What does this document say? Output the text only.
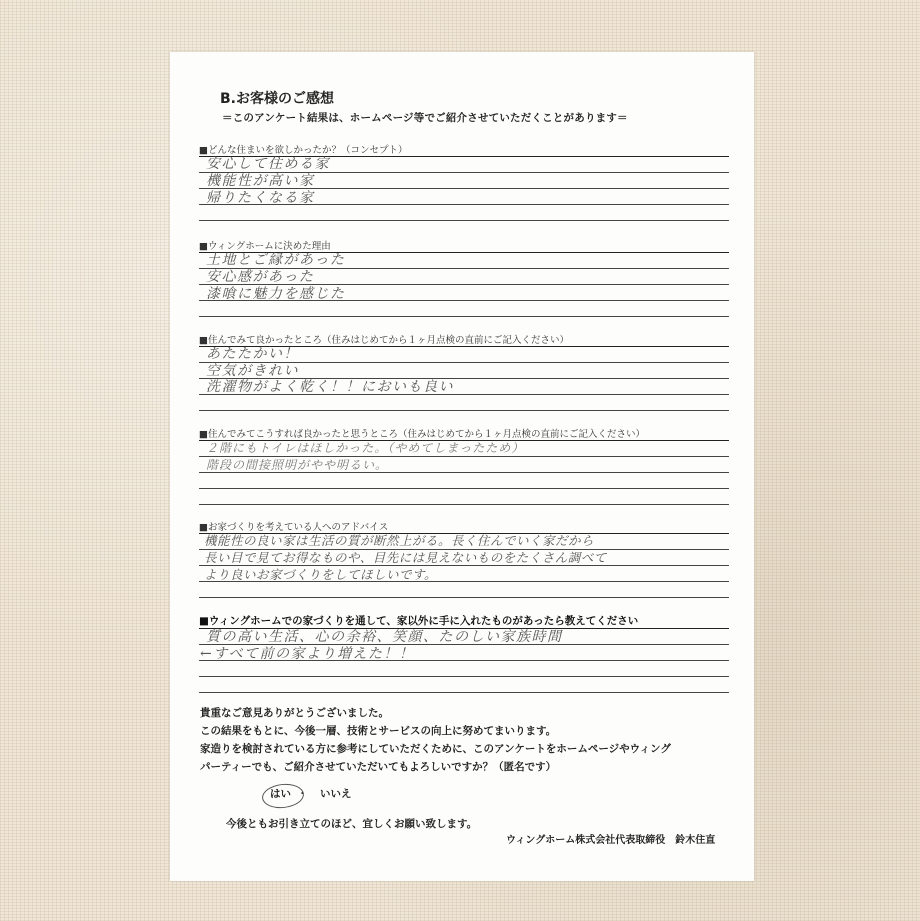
B.お客様のご感想
＝このアンケート結果は、ホームページ等でご紹介させていただくことがあります＝
■どんな住まいを欲しかったか？（コンセプト）
安心して住める家
機能性が高い家
帰りたくなる家
■ウィングホームに決めた理由
土地とご縁があった
安心感があった
漆喰に魅力を感じた
■住んでみて良かったところ（住みはじめてから１ヶ月点検の直前にご記入ください）
あたたかい！
空気がきれい
洗濯物がよく乾く！！においも良い
■住んでみてこうすれば良かったと思うところ（住みはじめてから１ヶ月点検の直前にご記入ください）
２階にもトイレはほしかった。（やめてしまったため）
階段の間接照明がやや明るい。
■お家づくりを考えている人へのアドバイス
機能性の良い家は生活の質が断然上がる。長く住んでいく家だから
長い目で見てお得なものや、目先には見えないものをたくさん調べて
より良いお家づくりをしてほしいです。
■ウィングホームでの家づくりを通して、家以外に手に入れたものがあったら教えてください
質の高い生活、心の余裕、笑顔、たのしい家族時間
←すべて前の家より増えた！！
貴重なご意見ありがとうございました。
この結果をもとに、今後一層、技術とサービスの向上に努めてまいります。
家造りを検討されている方に参考にしていただくために、このアンケートをホームページやウィング
パーティーでも、ご紹介させていただいてもよろしいですか？（匿名です）
はい ・ いいえ
今後ともお引き立てのほど、宜しくお願い致します。
ウィングホーム株式会社代表取締役　鈴木住直
